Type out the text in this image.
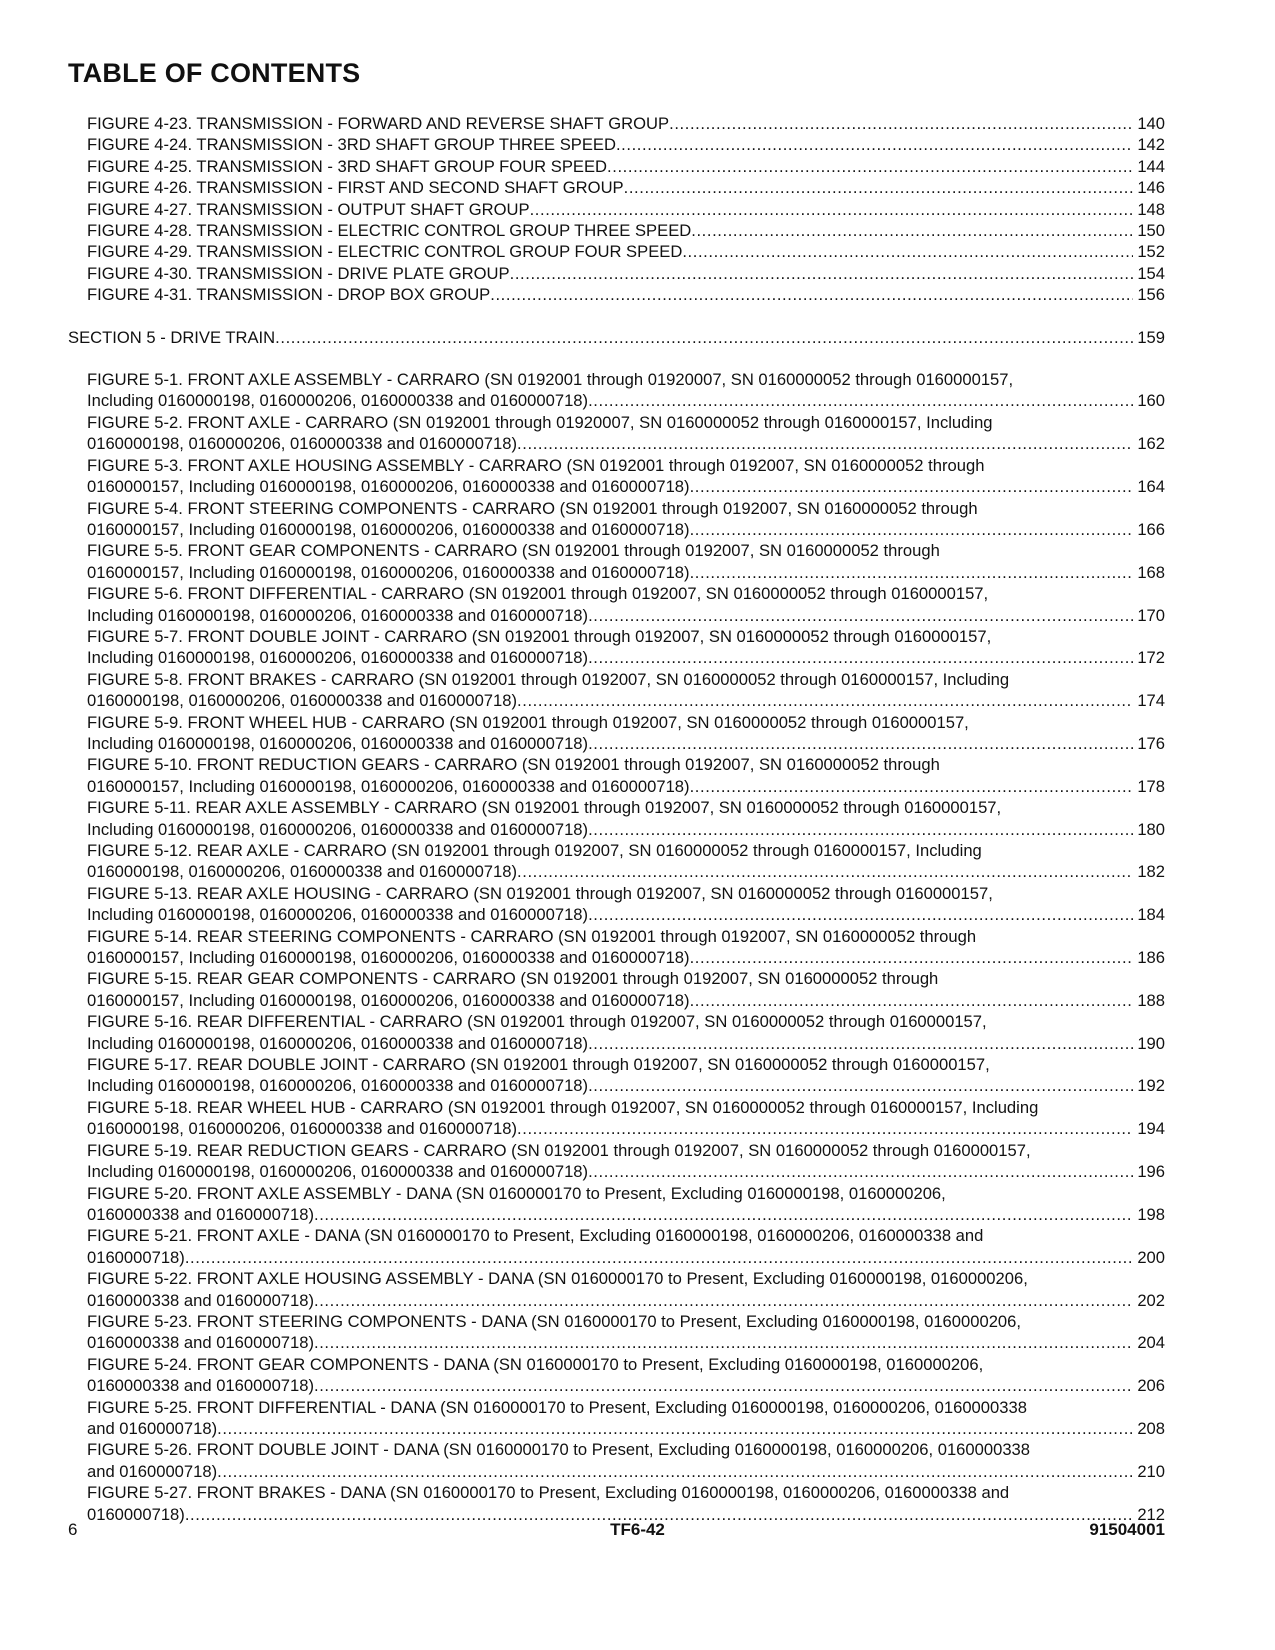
TABLE OF CONTENTS
FIGURE 4-23. TRANSMISSION - FORWARD AND REVERSE SHAFT GROUP .....	140
FIGURE 4-24. TRANSMISSION - 3RD SHAFT GROUP THREE SPEED .....	142
FIGURE 4-25. TRANSMISSION - 3RD SHAFT GROUP FOUR SPEED .....	144
FIGURE 4-26. TRANSMISSION - FIRST AND SECOND SHAFT GROUP .....	146
FIGURE 4-27. TRANSMISSION - OUTPUT SHAFT GROUP .....	148
FIGURE 4-28. TRANSMISSION - ELECTRIC CONTROL GROUP THREE SPEED .....	150
FIGURE 4-29. TRANSMISSION - ELECTRIC CONTROL GROUP FOUR SPEED .....	152
FIGURE 4-30. TRANSMISSION - DRIVE PLATE GROUP .....	154
FIGURE 4-31. TRANSMISSION - DROP BOX GROUP .....	156
SECTION 5 - DRIVE TRAIN .....	159
FIGURE 5-1. FRONT AXLE ASSEMBLY - CARRARO (SN 0192001 through 01920007, SN 0160000052 through 0160000157,
Including 0160000198, 0160000206, 0160000338 and 0160000718) .....	160
FIGURE 5-2. FRONT AXLE - CARRARO (SN 0192001 through 01920007, SN 0160000052 through 0160000157, Including
0160000198, 0160000206, 0160000338 and 0160000718) .....	162
FIGURE 5-3. FRONT AXLE HOUSING ASSEMBLY - CARRARO (SN 0192001 through 0192007, SN 0160000052 through
0160000157, Including 0160000198, 0160000206, 0160000338 and 0160000718) .....	164
FIGURE 5-4. FRONT STEERING COMPONENTS - CARRARO (SN 0192001 through 0192007, SN 0160000052 through
0160000157, Including 0160000198, 0160000206, 0160000338 and 0160000718) .....	166
FIGURE 5-5. FRONT GEAR COMPONENTS - CARRARO (SN 0192001 through 0192007, SN 0160000052 through
0160000157, Including 0160000198, 0160000206, 0160000338 and 0160000718) .....	168
FIGURE 5-6. FRONT DIFFERENTIAL - CARRARO (SN 0192001 through 0192007, SN 0160000052 through 0160000157,
Including 0160000198, 0160000206, 0160000338 and 0160000718) .....	170
FIGURE 5-7. FRONT DOUBLE JOINT - CARRARO (SN 0192001 through 0192007, SN 0160000052 through 0160000157,
Including 0160000198, 0160000206, 0160000338 and 0160000718) .....	172
FIGURE 5-8. FRONT BRAKES - CARRARO (SN 0192001 through 0192007, SN 0160000052 through 0160000157, Including
0160000198, 0160000206, 0160000338 and 0160000718) .....	174
FIGURE 5-9. FRONT WHEEL HUB - CARRARO (SN 0192001 through 0192007, SN 0160000052 through 0160000157,
Including 0160000198, 0160000206, 0160000338 and 0160000718) .....	176
FIGURE 5-10. FRONT REDUCTION GEARS - CARRARO (SN 0192001 through 0192007, SN 0160000052 through
0160000157, Including 0160000198, 0160000206, 0160000338 and 0160000718) .....	178
FIGURE 5-11. REAR AXLE ASSEMBLY - CARRARO (SN 0192001 through 0192007, SN 0160000052 through 0160000157,
Including 0160000198, 0160000206, 0160000338 and 0160000718) .....	180
FIGURE 5-12. REAR AXLE - CARRARO (SN 0192001 through 0192007, SN 0160000052 through 0160000157, Including
0160000198, 0160000206, 0160000338 and 0160000718) .....	182
FIGURE 5-13. REAR AXLE HOUSING - CARRARO (SN 0192001 through 0192007, SN 0160000052 through 0160000157,
Including 0160000198, 0160000206, 0160000338 and 0160000718) .....	184
FIGURE 5-14. REAR STEERING COMPONENTS - CARRARO (SN 0192001 through 0192007, SN 0160000052 through
0160000157, Including 0160000198, 0160000206, 0160000338 and 0160000718) .....	186
FIGURE 5-15. REAR GEAR COMPONENTS - CARRARO (SN 0192001 through 0192007, SN 0160000052 through
0160000157, Including 0160000198, 0160000206, 0160000338 and 0160000718) .....	188
FIGURE 5-16. REAR DIFFERENTIAL - CARRARO (SN 0192001 through 0192007, SN 0160000052 through 0160000157,
Including 0160000198, 0160000206, 0160000338 and 0160000718) .....	190
FIGURE 5-17. REAR DOUBLE JOINT - CARRARO (SN 0192001 through 0192007, SN 0160000052 through 0160000157,
Including 0160000198, 0160000206, 0160000338 and 0160000718) .....	192
FIGURE 5-18. REAR WHEEL HUB - CARRARO (SN 0192001 through 0192007, SN 0160000052 through 0160000157, Including
0160000198, 0160000206, 0160000338 and 0160000718) .....	194
FIGURE 5-19. REAR REDUCTION GEARS - CARRARO (SN 0192001 through 0192007, SN 0160000052 through 0160000157,
Including 0160000198, 0160000206, 0160000338 and 0160000718) .....	196
FIGURE 5-20. FRONT AXLE ASSEMBLY - DANA (SN 0160000170 to Present, Excluding 0160000198, 0160000206,
0160000338 and 0160000718) .....	198
FIGURE 5-21. FRONT AXLE - DANA (SN 0160000170 to Present, Excluding 0160000198, 0160000206, 0160000338 and
0160000718) .....	200
FIGURE 5-22. FRONT AXLE HOUSING ASSEMBLY - DANA (SN 0160000170 to Present, Excluding 0160000198, 0160000206,
0160000338 and 0160000718) .....	202
FIGURE 5-23. FRONT STEERING COMPONENTS - DANA (SN 0160000170 to Present, Excluding 0160000198, 0160000206,
0160000338 and 0160000718) .....	204
FIGURE 5-24. FRONT GEAR COMPONENTS - DANA (SN 0160000170 to Present, Excluding 0160000198, 0160000206,
0160000338 and 0160000718) .....	206
FIGURE 5-25. FRONT DIFFERENTIAL - DANA (SN 0160000170 to Present, Excluding 0160000198, 0160000206, 0160000338
and 0160000718) .....	208
FIGURE 5-26. FRONT DOUBLE JOINT - DANA (SN 0160000170 to Present, Excluding 0160000198, 0160000206, 0160000338
and 0160000718) .....	210
FIGURE 5-27. FRONT BRAKES - DANA (SN 0160000170 to Present, Excluding 0160000198, 0160000206, 0160000338 and
0160000718) .....	212
6	TF6-42	91504001
